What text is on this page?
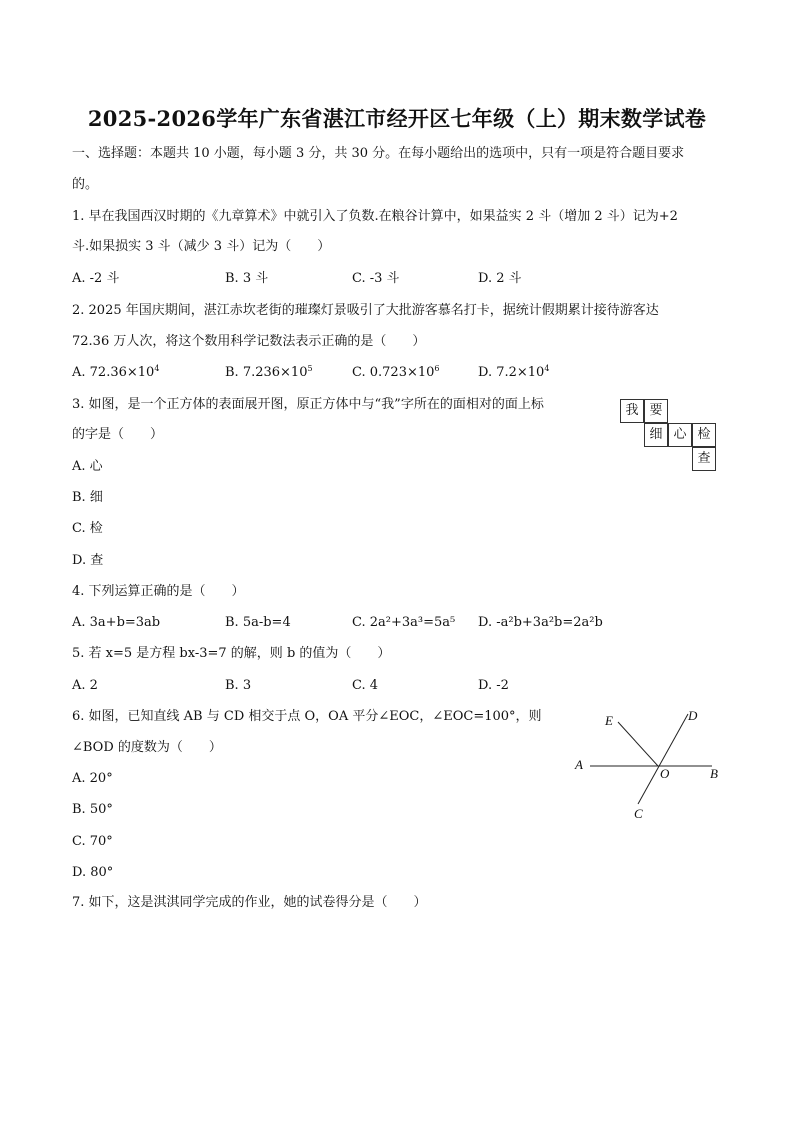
2025-2026学年广东省湛江市经开区七年级（上）期末数学试卷
一、选择题：本题共 10 小题，每小题 3 分，共 30 分。在每小题给出的选项中，只有一项是符合题目要求
的。
1. 早在我国西汉时期的《九章算术》中就引入了负数.在粮谷计算中，如果益实 2 斗（增加 2 斗）记为+2
斗.如果损实 3 斗（减少 3 斗）记为（　　）
A. -2 斗	B. 3 斗	C. -3 斗	D. 2 斗
2. 2025 年国庆期间，湛江赤坎老街的璀璨灯景吸引了大批游客慕名打卡，据统计假期累计接待游客达
72.36 万人次，将这个数用科学记数法表示正确的是（　　）
A. $72.36\times 10^4$	B. $7.236\times 10^5$	C. $0.723\times 10^6$	D. $7.2\times 10^4$
3. 如图，是一个正方体的表面展开图，原正方体中与“我”字所在的面相对的面上标
的字是（　　）
A. 心
B. 细
C. 检
D. 查
我 要
细 心 检
查
4. 下列运算正确的是（　　）
A. 3a+b=3ab	B. 5a-b=4	C. 2a²+3a³=5a⁵ D. -a²b+3a²b=2a²b
5. 若 x=5 是方程 bx-3=7 的解，则 b 的值为（　　）
A. 2	B. 3	C. 4	D. -2
6. 如图，已知直线 AB 与 CD 相交于点 O，OA 平分∠EOC，∠EOC=100°，则
∠BOD 的度数为（　　）
A. 20°
B. 50°
C. 70°
D. 80°
E	D
A
O	B
C
7. 如下，这是淇淇同学完成的作业，她的试卷得分是（　　）
